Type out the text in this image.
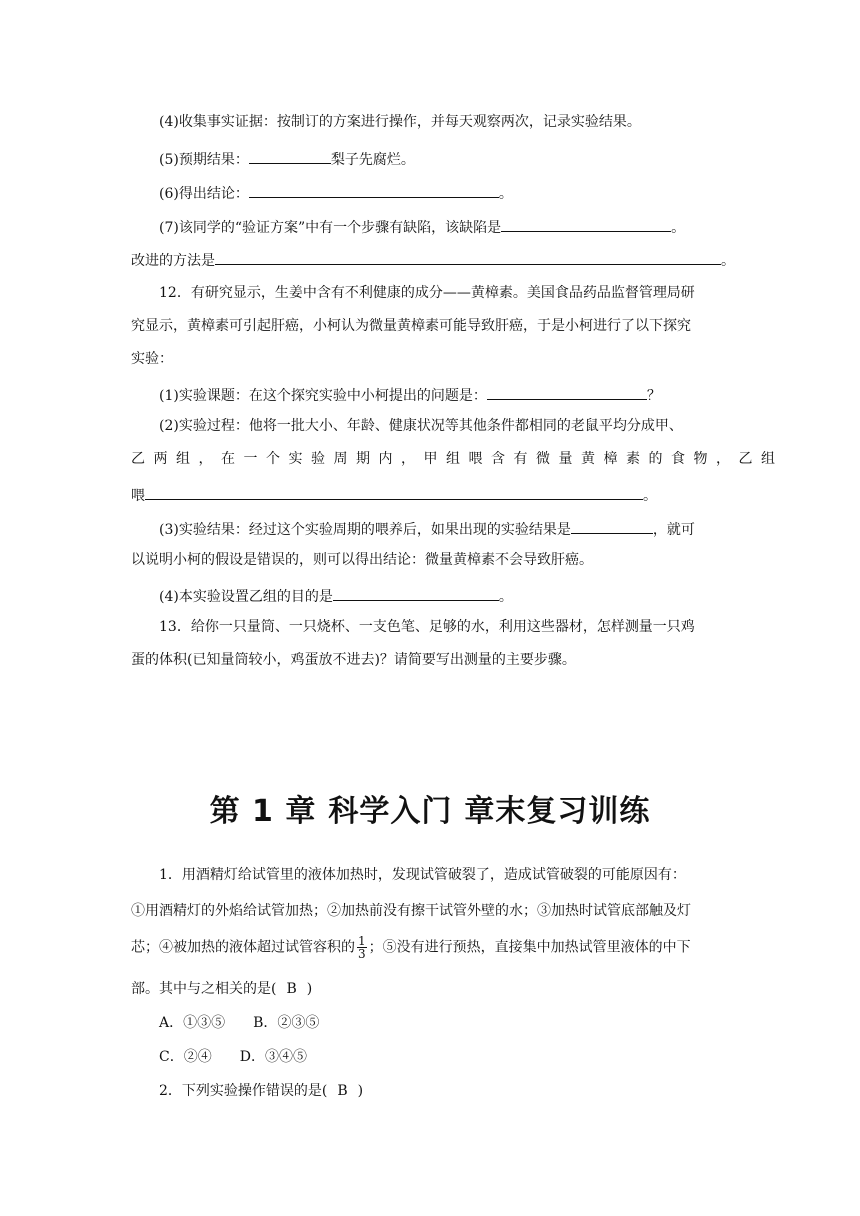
(4)收集事实证据：按制订的方案进行操作，并每天观察两次，记录实验结果。
(5)预期结果：	梨子先腐烂。
(6)得出结论：	。
(7)该同学的“验证方案”中有一个步骤有缺陷，该缺陷是	。
改进的方法是	。
12．有研究显示，生姜中含有不利健康的成分——黄樟素。美国食品药品监督管理局研
究显示，黄樟素可引起肝癌，小柯认为微量黄樟素可能导致肝癌，于是小柯进行了以下探究
实验：
(1)实验课题：在这个探究实验中小柯提出的问题是：	？
(2)实验过程：他将一批大小、年龄、健康状况等其他条件都相同的老鼠平均分成甲、
乙两组，在一个实验周期内，甲组喂含有微量黄樟素的食物，乙组
喂	。
(3)实验结果：经过这个实验周期的喂养后，如果出现的实验结果是	，就可
以说明小柯的假设是错误的，则可以得出结论：微量黄樟素不会导致肝癌。
(4)本实验设置乙组的目的是	。
13．给你一只量筒、一只烧杯、一支色笔、足够的水，利用这些器材，怎样测量一只鸡
蛋的体积(已知量筒较小，鸡蛋放不进去)？请简要写出测量的主要步骤。
第 1 章 科学入门 章末复习训练
1．用酒精灯给试管里的液体加热时，发现试管破裂了，造成试管破裂的可能原因有：
①用酒精灯的外焰给试管加热；②加热前没有擦干试管外壁的水；③加热时试管底部触及灯
芯；④被加热的液体超过试管容积的 $\frac{1}{3}$ ；⑤没有进行预热，直接集中加热试管里液体的中下
部。其中与之相关的是( B )
A．①③⑤ B．②③⑤
C．②④ D．③④⑤
2．下列实验操作错误的是( B )
